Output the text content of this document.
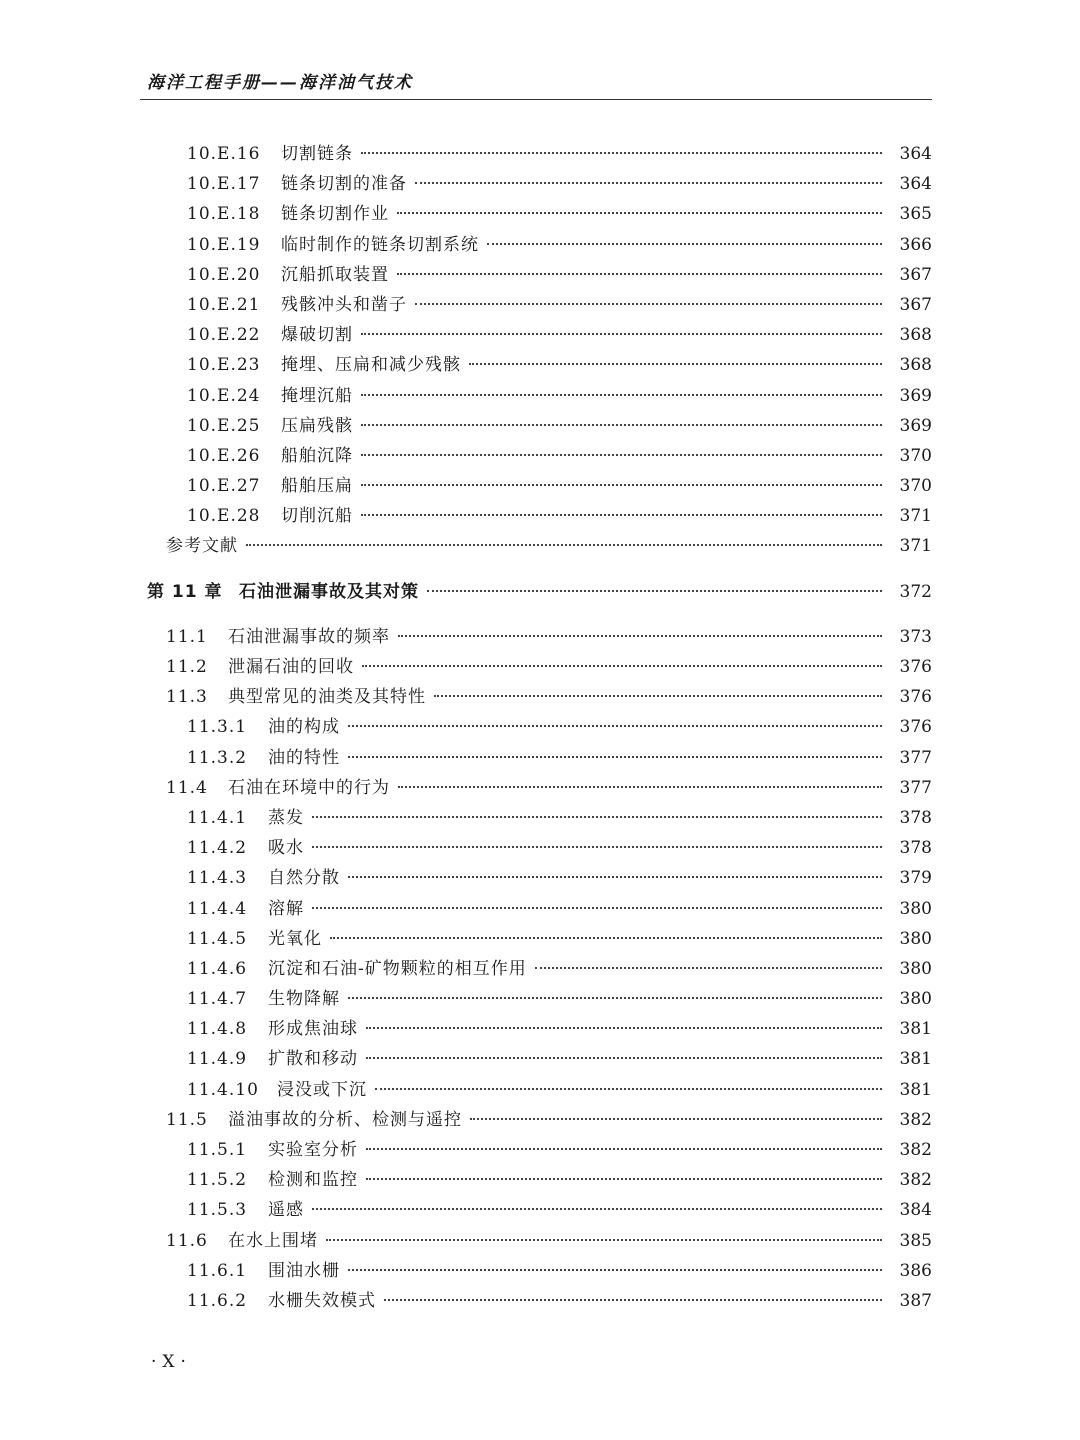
海洋工程手册——海洋油气技术
10.E.16	切割链条	364
10.E.17	链条切割的准备	364
10.E.18	链条切割作业	365
10.E.19	临时制作的链条切割系统	366
10.E.20	沉船抓取装置	367
10.E.21	残骸冲头和凿子	367
10.E.22	爆破切割	368
10.E.23	掩埋、压扁和减少残骸	368
10.E.24	掩埋沉船	369
10.E.25	压扁残骸	369
10.E.26	船舶沉降	370
10.E.27	船舶压扁	370
10.E.28	切削沉船	371
参考文献	371
第 11 章 石油泄漏事故及其对策	372
11.1	石油泄漏事故的频率	373
11.2	泄漏石油的回收	376
11.3	典型常见的油类及其特性	376
11.3.1	油的构成	376
11.3.2	油的特性	377
11.4	石油在环境中的行为	377
11.4.1	蒸发	378
11.4.2	吸水	378
11.4.3	自然分散	379
11.4.4	溶解	380
11.4.5	光氧化	380
11.4.6	沉淀和石油-矿物颗粒的相互作用	380
11.4.7	生物降解	380
11.4.8	形成焦油球	381
11.4.9	扩散和移动	381
11.4.10	浸没或下沉	381
11.5	溢油事故的分析、检测与遥控	382
11.5.1	实验室分析	382
11.5.2	检测和监控	382
11.5.3	遥感	384
11.6	在水上围堵	385
11.6.1	围油水栅	386
11.6.2	水栅失效模式	387
·X·
